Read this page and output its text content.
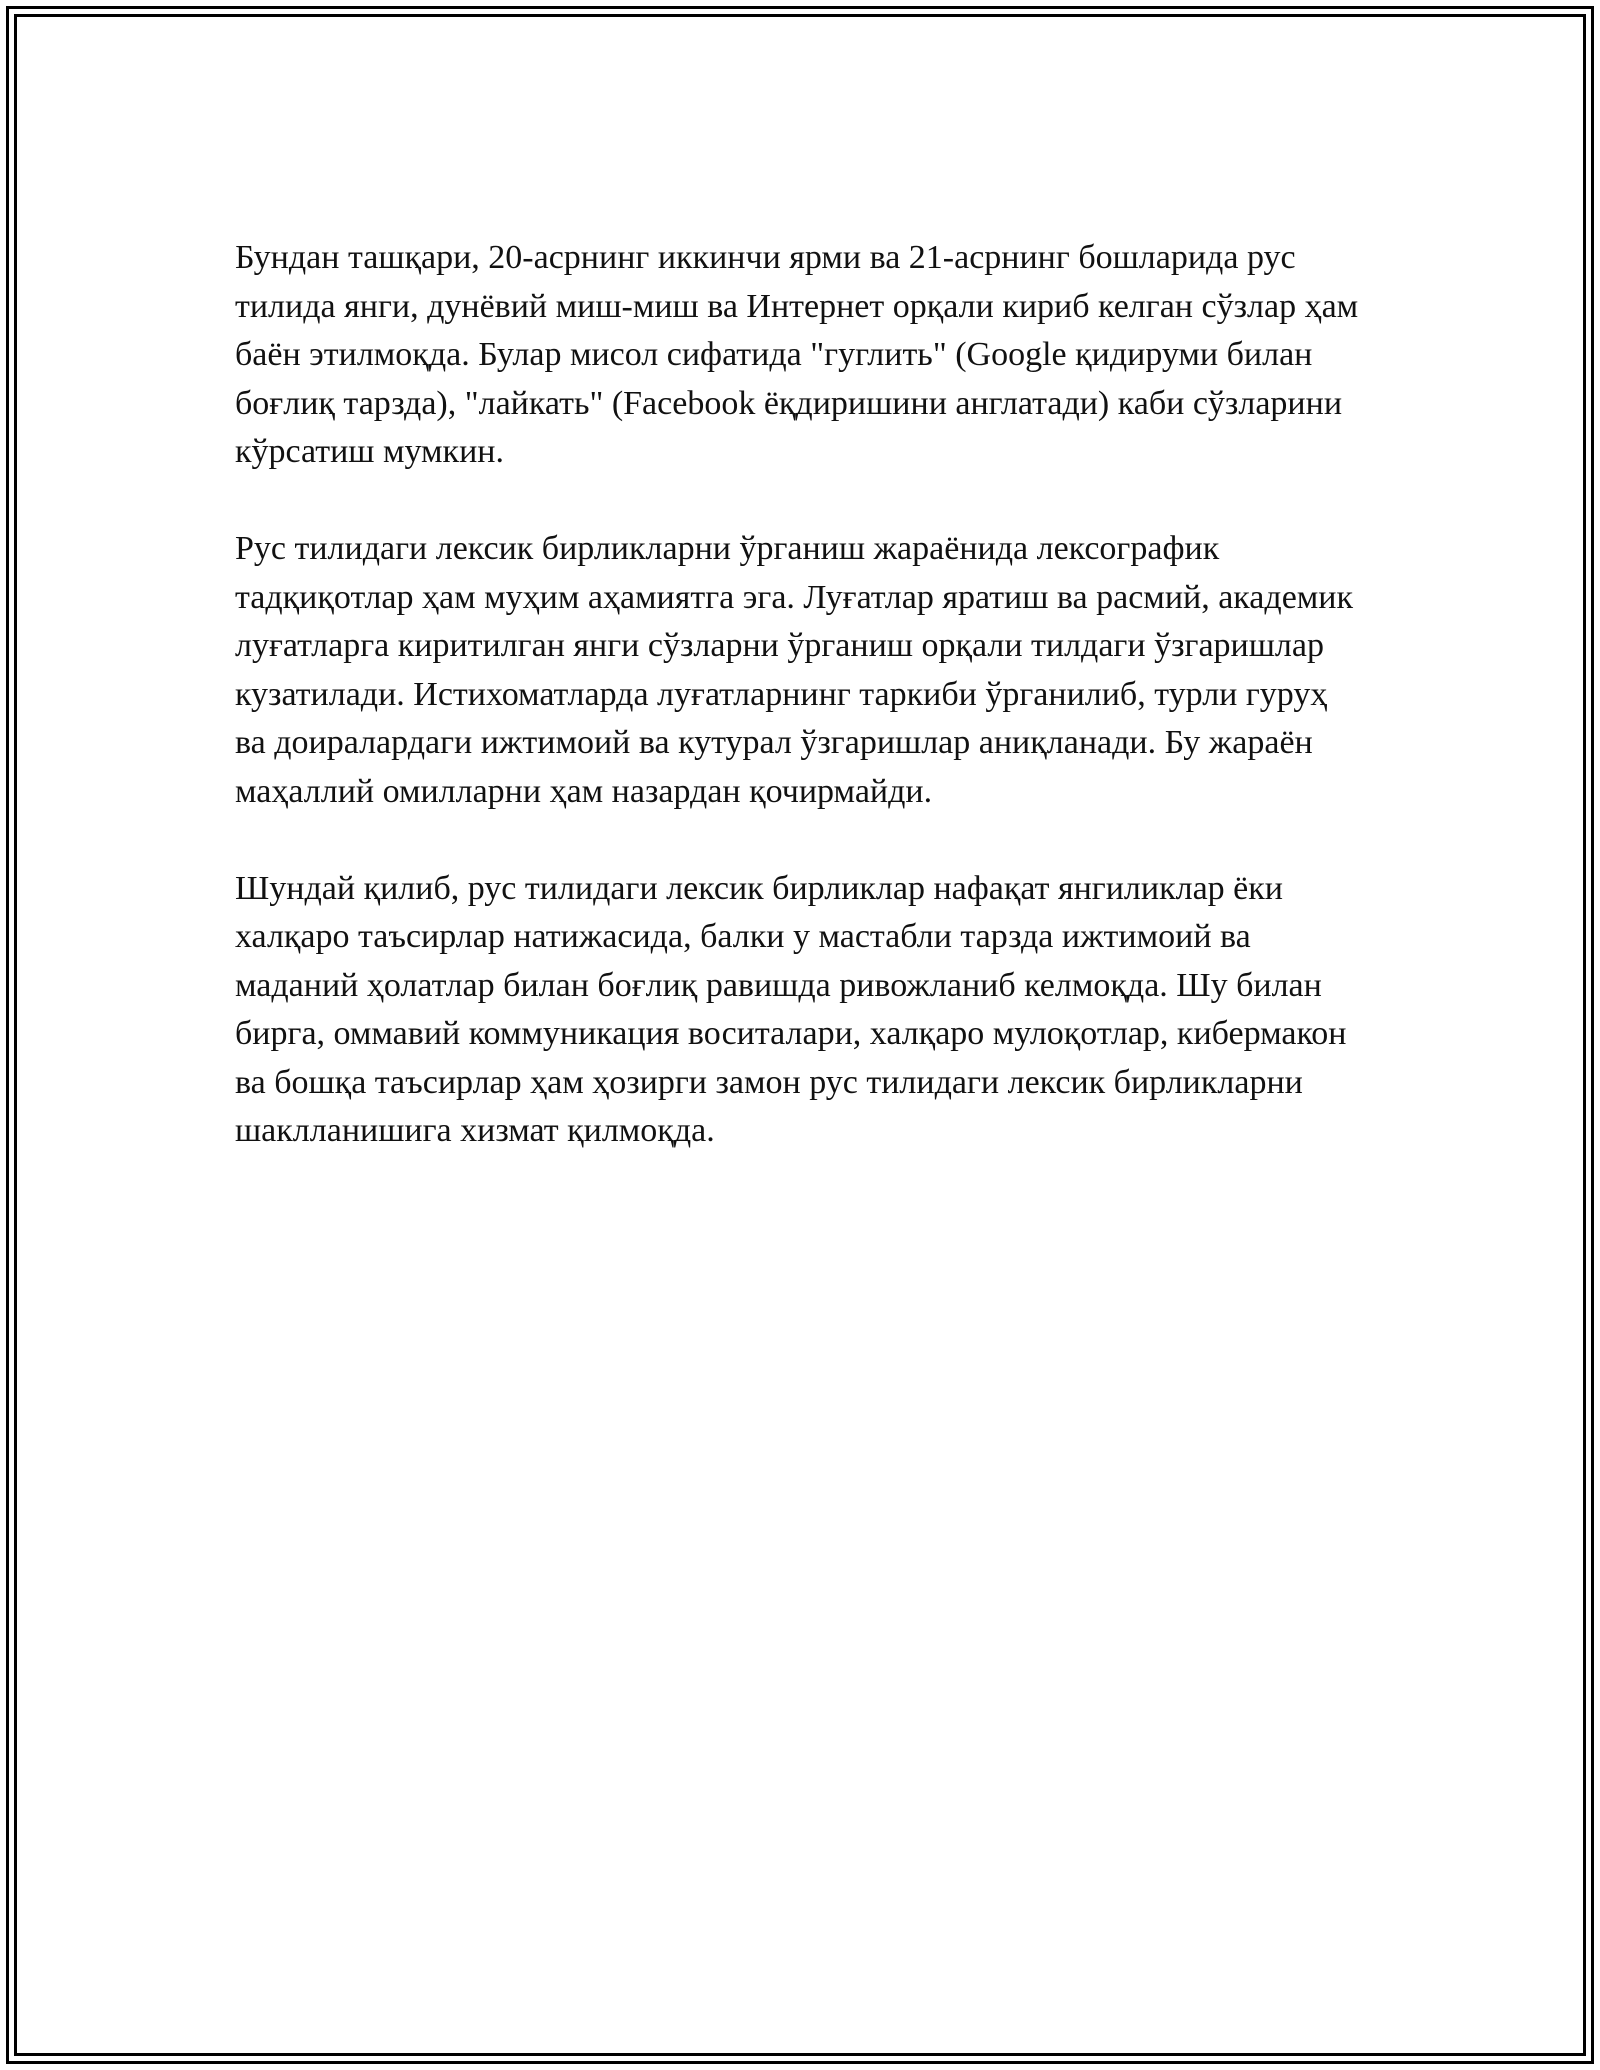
Бундан ташқари, 20-асрнинг иккинчи ярми ва 21-асрнинг бошларида рус тилида янги, дунёвий миш-миш ва Интернет орқали кириб келган сўзлар ҳам баён этилмоқда. Булар мисол сифатида "гуглить" (Google қидируми билан боғлиқ тарзда), "лайкать" (Facebook ёқдиришини англатади) каби сўзларини кўрсатиш мумкин.

Рус тилидаги лексик бирликларни ўрганиш жараёнида лексографик тадқиқотлар ҳам муҳим аҳамиятга эга. Луғатлар яратиш ва расмий, академик луғатларга киритилган янги сўзларни ўрганиш орқали тилдаги ўзгаришлар кузатилади. Истихоматларда луғатларнинг таркиби ўрганилиб, турли гуруҳ ва доиралардаги ижтимоий ва кутурал ўзгаришлар аниқланади. Бу жараён маҳаллий омилларни ҳам назардан қочирмайди.

Шундай қилиб, рус тилидаги лексик бирликлар нафақат янгиликлар ёки халқаро таъсирлар натижасида, балки у мастабли тарзда ижтимоий ва маданий ҳолатлар билан боғлиқ равишда ривожланиб келмоқда. Шу билан бирга, оммавий коммуникация воситалари, халқаро мулоқотлар, кибермакон ва бошқа таъсирлар ҳам ҳозирги замон рус тилидаги лексик бирликларни шаклланишига хизмат қилмоқда.
